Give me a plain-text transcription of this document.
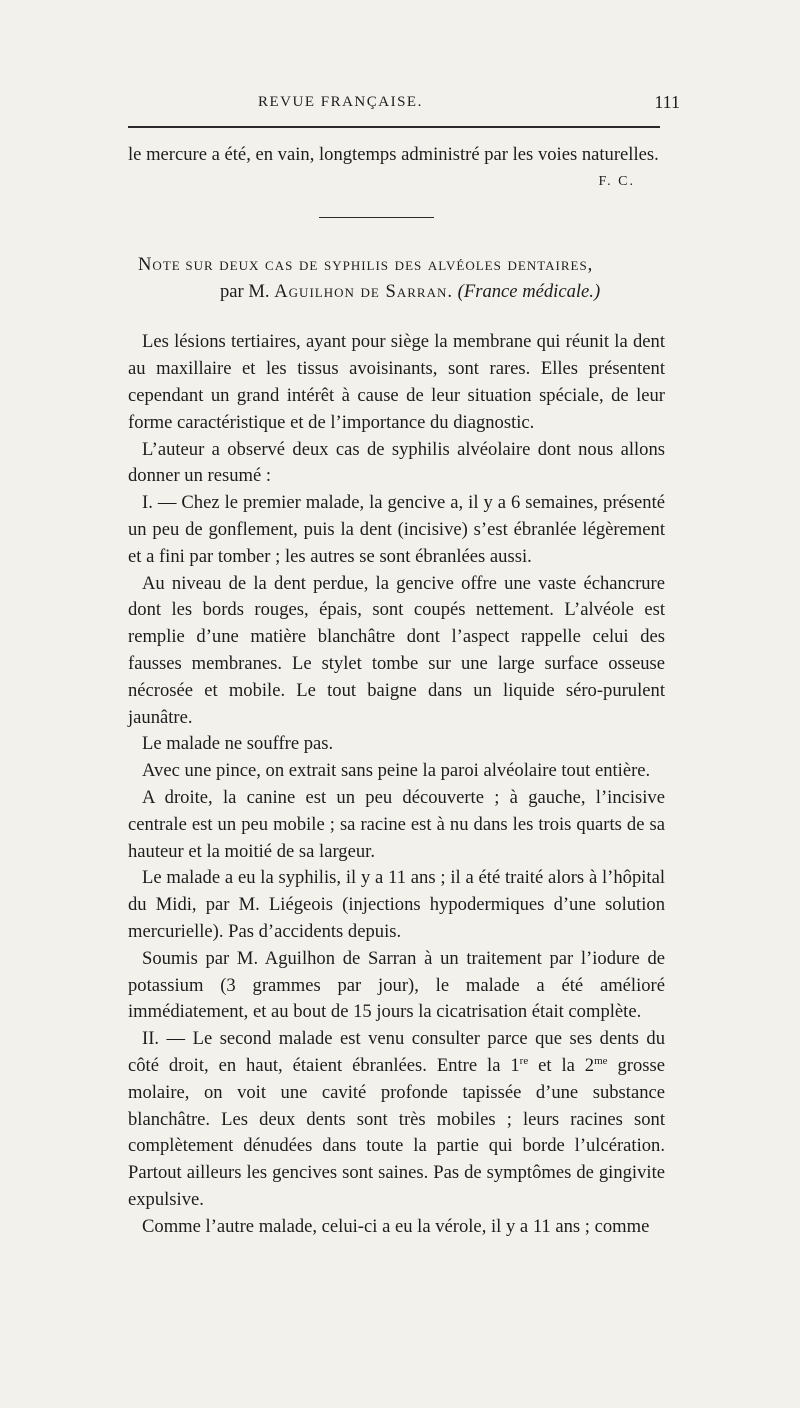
REVUE FRANÇAISE.	111

le mercure a été, en vain, longtemps administré par les voies naturelles.
F. C.

Note sur deux cas de syphilis des alvéoles dentaires,
par M. Aguilhon de Sarran. (France médicale.)

Les lésions tertiaires, ayant pour siège la membrane qui réunit la dent au maxillaire et les tissus avoisinants, sont rares. Elles présentent cependant un grand intérêt à cause de leur situation spéciale, de leur forme caractéristique et de l’importance du diagnostic.

L’auteur a observé deux cas de syphilis alvéolaire dont nous allons donner un resumé :

I. — Chez le premier malade, la gencive a, il y a 6 semaines, présenté un peu de gonflement, puis la dent (incisive) s’est ébranlée légèrement et a fini par tomber ; les autres se sont ébranlées aussi.

Au niveau de la dent perdue, la gencive offre une vaste échancrure dont les bords rouges, épais, sont coupés nettement. L’alvéole est remplie d’une matière blanchâtre dont l’aspect rappelle celui des fausses membranes. Le stylet tombe sur une large surface osseuse nécrosée et mobile. Le tout baigne dans un liquide séro-purulent jaunâtre.

Le malade ne souffre pas.

Avec une pince, on extrait sans peine la paroi alvéolaire tout entière.

A droite, la canine est un peu découverte ; à gauche, l’incisive centrale est un peu mobile ; sa racine est à nu dans les trois quarts de sa hauteur et la moitié de sa largeur.

Le malade a eu la syphilis, il y a 11 ans ; il a été traité alors à l’hôpital du Midi, par M. Liégeois (injections hypodermiques d’une solution mercurielle). Pas d’accidents depuis.

Soumis par M. Aguilhon de Sarran à un traitement par l’iodure de potassium (3 grammes par jour), le malade a été amélioré immédiatement, et au bout de 15 jours la cicatrisation était complète.

II. — Le second malade est venu consulter parce que ses dents du côté droit, en haut, étaient ébranlées. Entre la 1re et la $2^{me}$ grosse molaire, on voit une cavité profonde tapissée d’une substance blanchâtre. Les deux dents sont très mobiles ; leurs racines sont complètement dénudées dans toute la partie qui borde l’ulcération. Partout ailleurs les gencives sont saines. Pas de symptômes de gingivite expulsive.

Comme l’autre malade, celui-ci a eu la vérole, il y a 11 ans ; comme
